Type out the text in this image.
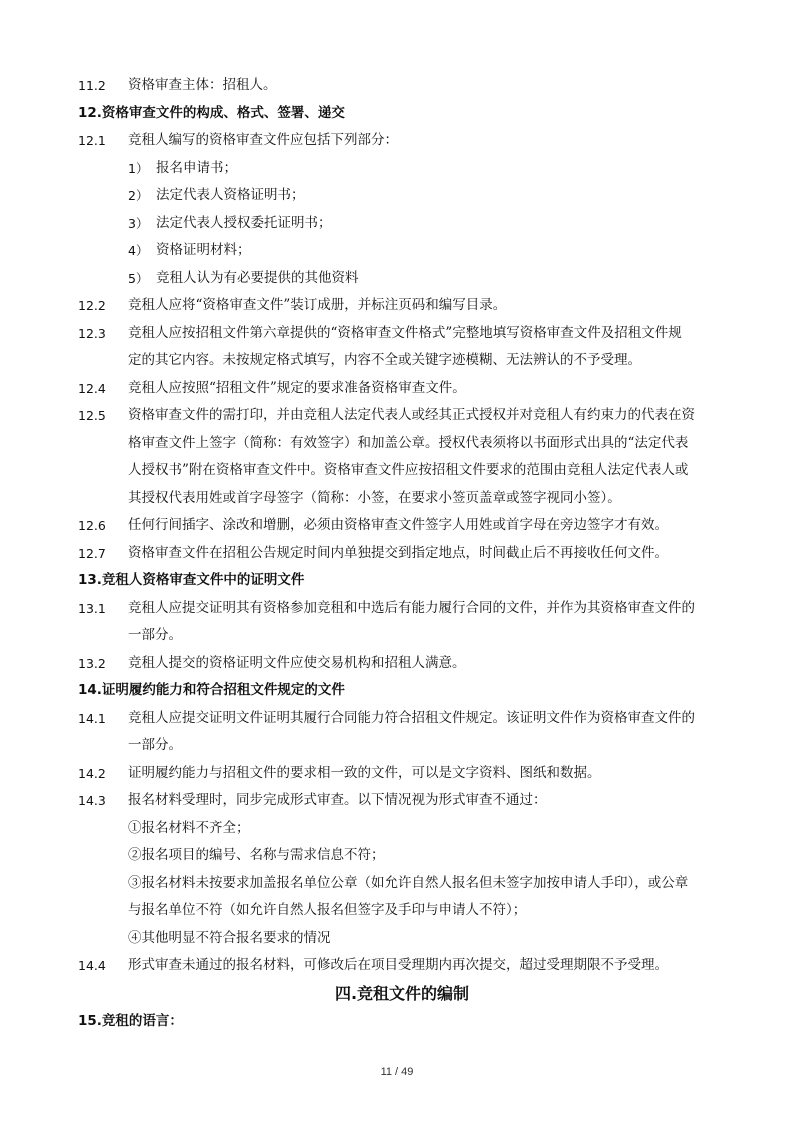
11.2	资格审查主体：招租人。
12.资格审查文件的构成、格式、签署、递交
12.1	竞租人编写的资格审查文件应包括下列部分：
1） 报名申请书；
2） 法定代表人资格证明书；
3） 法定代表人授权委托证明书；
4） 资格证明材料；
5） 竞租人认为有必要提供的其他资料
12.2	竞租人应将“资格审查文件”装订成册，并标注页码和编写目录。
12.3	竞租人应按招租文件第六章提供的“资格审查文件格式”完整地填写资格审查文件及招租文件规
定的其它内容。未按规定格式填写，内容不全或关键字迹模糊、无法辨认的不予受理。
12.4	竞租人应按照“招租文件”规定的要求准备资格审查文件。
12.5	资格审查文件的需打印，并由竞租人法定代表人或经其正式授权并对竞租人有约束力的代表在资
格审查文件上签字（简称：有效签字）和加盖公章。授权代表须将以书面形式出具的“法定代表
人授权书”附在资格审查文件中。资格审查文件应按招租文件要求的范围由竞租人法定代表人或
其授权代表用姓或首字母签字（简称：小签，在要求小签页盖章或签字视同小签）。
12.6	任何行间插字、涂改和增删，必须由资格审查文件签字人用姓或首字母在旁边签字才有效。
12.7	资格审查文件在招租公告规定时间内单独提交到指定地点，时间截止后不再接收任何文件。
13.竞租人资格审查文件中的证明文件
13.1	竞租人应提交证明其有资格参加竞租和中选后有能力履行合同的文件，并作为其资格审查文件的
一部分。
13.2	竞租人提交的资格证明文件应使交易机构和招租人满意。
14.证明履约能力和符合招租文件规定的文件
14.1	竞租人应提交证明文件证明其履行合同能力符合招租文件规定。该证明文件作为资格审查文件的
一部分。
14.2	证明履约能力与招租文件的要求相一致的文件，可以是文字资料、图纸和数据。
14.3	报名材料受理时，同步完成形式审查。以下情况视为形式审查不通过：
①报名材料不齐全；
②报名项目的编号、名称与需求信息不符；
③报名材料未按要求加盖报名单位公章（如允许自然人报名但未签字加按申请人手印），或公章
与报名单位不符（如允许自然人报名但签字及手印与申请人不符）；
④其他明显不符合报名要求的情况
14.4	形式审查未通过的报名材料，可修改后在项目受理期内再次提交，超过受理期限不予受理。
四.竞租文件的编制
15.竞租的语言：
11 / 49
